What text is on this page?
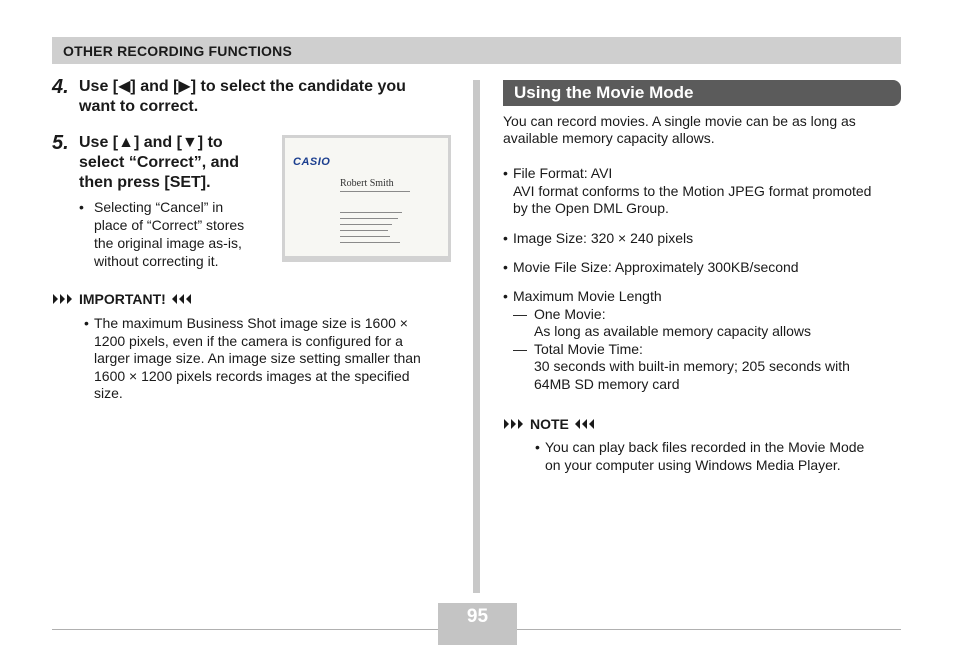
OTHER RECORDING FUNCTIONS
4. Use [◀] and [▶] to select the candidate you
want to correct.
5. Use [▲] and [▼] to
select “Correct”, and
then press [SET].
• Selecting “Cancel” in
place of “Correct” stores
the original image as-is,
without correcting it.
CASIO
Robert Smith
IMPORTANT!
• The maximum Business Shot image size is 1600 ×
1200 pixels, even if the camera is configured for a
larger image size. An image size setting smaller than
1600 × 1200 pixels records images at the specified
size.
Using the Movie Mode
You can record movies. A single movie can be as long as
available memory capacity allows.
• File Format: AVI
AVI format conforms to the Motion JPEG format promoted
by the Open DML Group.
• Image Size: 320 × 240 pixels
• Movie File Size: Approximately 300KB/second
• Maximum Movie Length
— One Movie:
As long as available memory capacity allows
— Total Movie Time:
30 seconds with built-in memory; 205 seconds with
64MB SD memory card
NOTE
• You can play back files recorded in the Movie Mode
on your computer using Windows Media Player.
95
